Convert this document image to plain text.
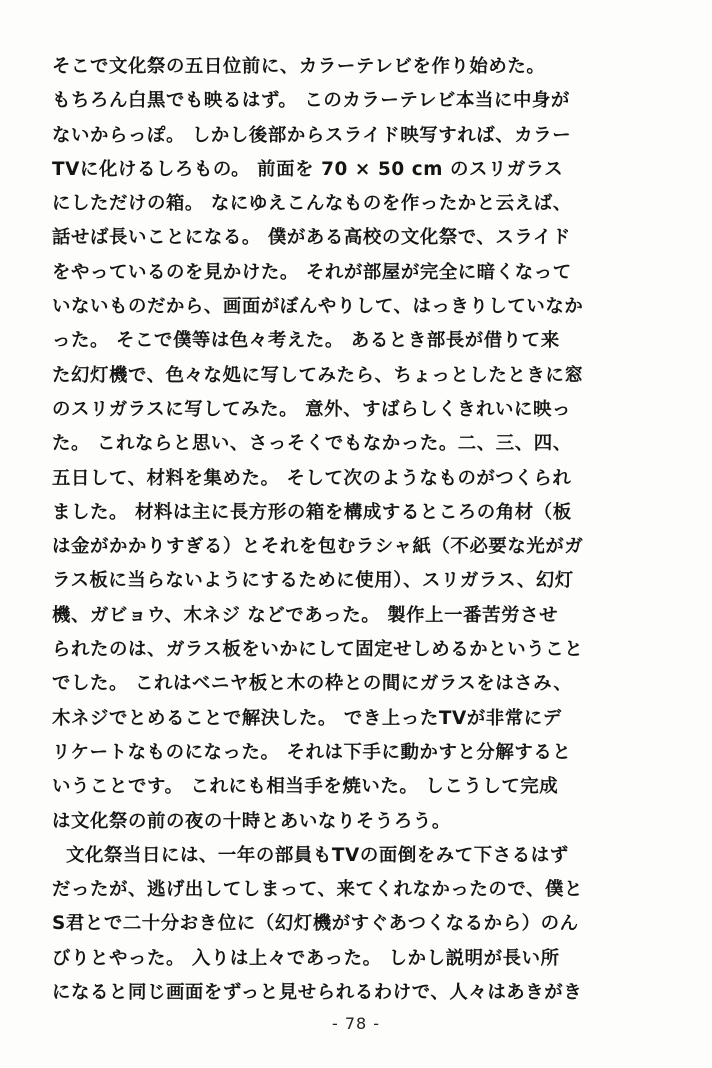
そこで文化祭の五日位前に、カラーテレビを作り始めた。
もちろん白黒でも映るはず。 このカラーテレビ本当に中身が
ないからっぽ。 しかし後部からスライド映写すれば、カラー
TVに化けるしろもの。 前面を 70 × 50 cm のスリガラス
にしただけの箱。 なにゆえこんなものを作ったかと云えば、
話せば長いことになる。 僕がある高校の文化祭で、スライド
をやっているのを見かけた。 それが部屋が完全に暗くなって
いないものだから、画面がぼんやりして、はっきりしていなか
った。 そこで僕等は色々考えた。 あるとき部長が借りて来
た幻灯機で、色々な処に写してみたら、ちょっとしたときに窓
のスリガラスに写してみた。 意外、すばらしくきれいに映っ
た。 これならと思い、さっそくでもなかった。二、三、四、
五日して、材料を集めた。 そして次のようなものがつくられ
ました。 材料は主に長方形の箱を構成するところの角材（板
は金がかかりすぎる）とそれを包むラシャ紙（不必要な光がガ
ラス板に当らないようにするために使用）、スリガラス、幻灯
機、ガビョウ、木ネジ などであった。 製作上一番苦労させ
られたのは、ガラス板をいかにして固定せしめるかということ
でした。 これはベニヤ板と木の枠との間にガラスをはさみ、
木ネジでとめることで解決した。 でき上ったTVが非常にデ
リケートなものになった。 それは下手に動かすと分解すると
いうことです。 これにも相当手を焼いた。 しこうして完成
は文化祭の前の夜の十時とあいなりそうろう。
文化祭当日には、一年の部員もTVの面倒をみて下さるはず
だったが、逃げ出してしまって、来てくれなかったので、僕と
S君とで二十分おき位に（幻灯機がすぐあつくなるから）のん
びりとやった。 入りは上々であった。 しかし説明が長い所
になると同じ画面をずっと見せられるわけで、人々はあきがき
- 78 -
